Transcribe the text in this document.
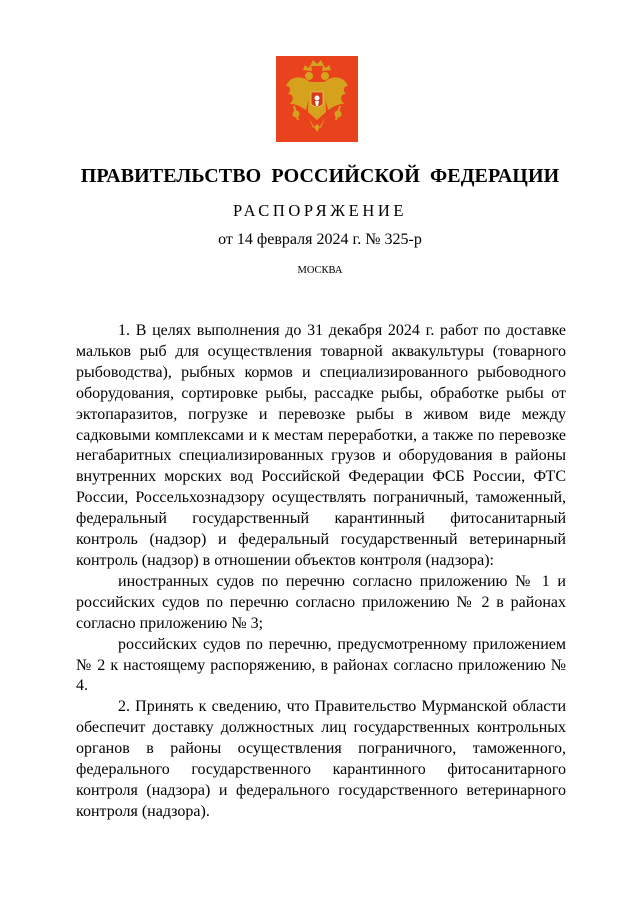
ПРАВИТЕЛЬСТВО РОССИЙСКОЙ ФЕДЕРАЦИИ
РАСПОРЯЖЕНИЕ
от 14 февраля 2024 г. № 325-р
МОСКВА

1. В целях выполнения до 31 декабря 2024 г. работ по доставке мальков рыб для осуществления товарной аквакультуры (товарного рыбоводства), рыбных кормов и специализированного рыбоводного оборудования, сортировке рыбы, рассадке рыбы, обработке рыбы от эктопаразитов, погрузке и перевозке рыбы в живом виде между садковыми комплексами и к местам переработки, а также по перевозке негабаритных специализированных грузов и оборудования в районы внутренних морских вод Российской Федерации ФСБ России, ФТС России, Россельхознадзору осуществлять пограничный, таможенный, федеральный государственный карантинный фитосанитарный контроль (надзор) и федеральный государственный ветеринарный контроль (надзор) в отношении объектов контроля (надзора):

иностранных судов по перечню согласно приложению № 1 и российских судов по перечню согласно приложению № 2 в районах согласно приложению № 3;

российских судов по перечню, предусмотренному приложением № 2 к настоящему распоряжению, в районах согласно приложению № 4.

2. Принять к сведению, что Правительство Мурманской области обеспечит доставку должностных лиц государственных контрольных органов в районы осуществления пограничного, таможенного, федерального государственного карантинного фитосанитарного контроля (надзора) и федерального государственного ветеринарного контроля (надзора).
